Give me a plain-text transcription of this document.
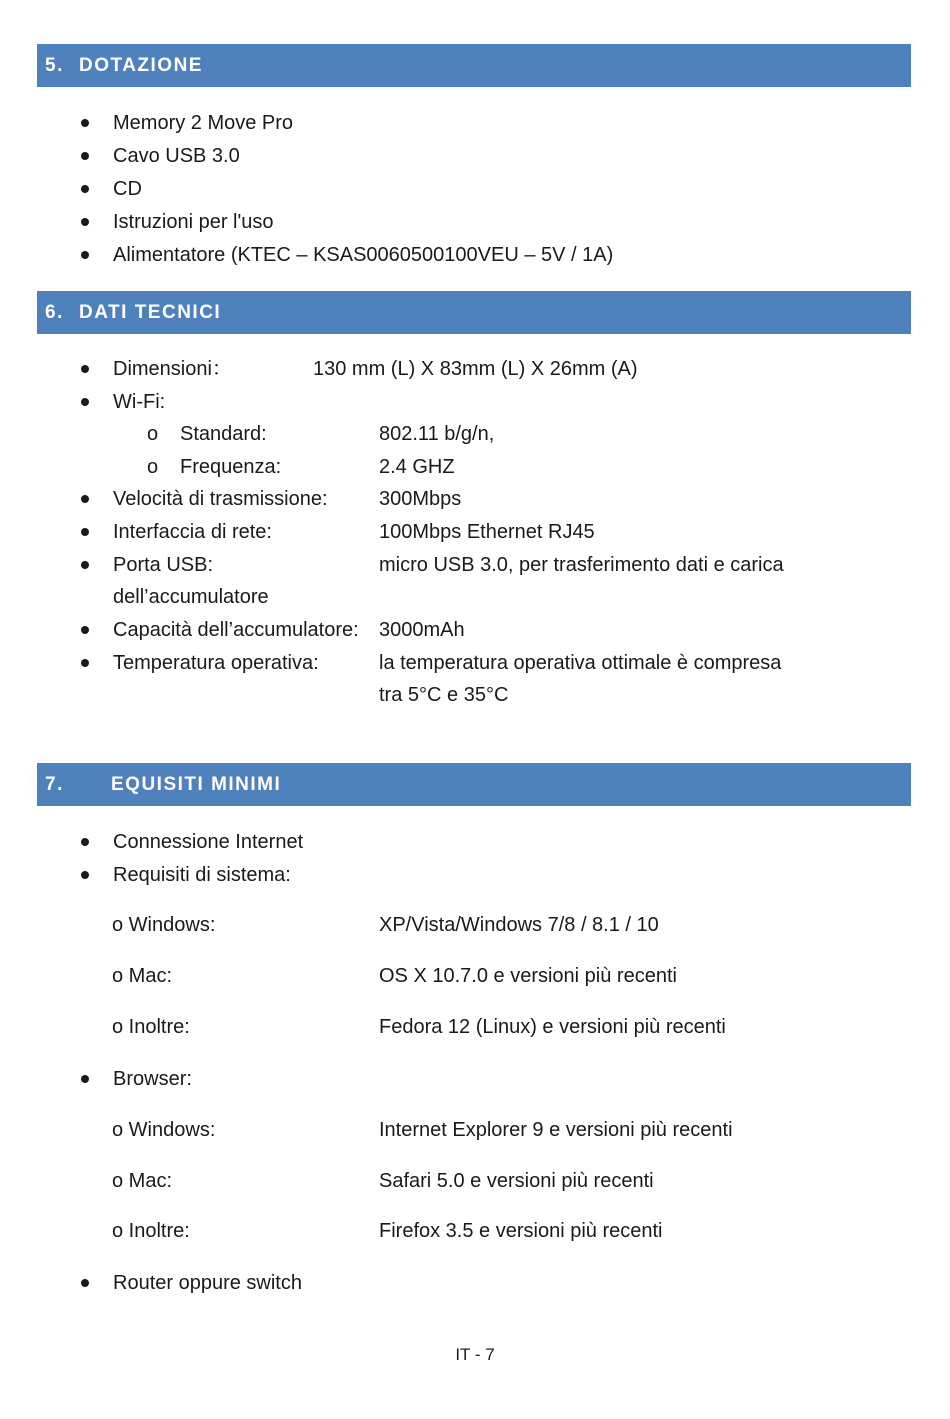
5. DOTAZIONE
Memory 2 Move Pro
Cavo USB 3.0
CD
Istruzioni per l'uso
Alimentatore (KTEC – KSAS0060500100VEU – 5V / 1A)
6. DATI TECNICI
Dimensioni：	130 mm (L) X 83mm (L) X 26mm (A)
Wi-Fi:
o Standard:	802.11 b/g/n,
o Frequenza:	2.4 GHZ
Velocità di trasmissione:	300Mbps
Interfaccia di rete:	100Mbps Ethernet RJ45
Porta USB:	micro USB 3.0, per trasferimento dati e carica
dell’accumulatore
Capacità dell’accumulatore: 3000mAh
Temperatura operativa:	la temperatura operativa ottimale è compresa
tra 5°C e 35°C
7. EQUISITI MINIMI
Connessione Internet
Requisiti di sistema:
o Windows:	XP/Vista/Windows 7/8 / 8.1 / 10
o Mac:	OS X 10.7.0 e versioni più recenti
o Inoltre:	Fedora 12 (Linux) e versioni più recenti
Browser:
o Windows:	Internet Explorer 9 e versioni più recenti
o Mac:	Safari 5.0 e versioni più recenti
o Inoltre:	Firefox 3.5 e versioni più recenti
Router oppure switch
IT - 7
